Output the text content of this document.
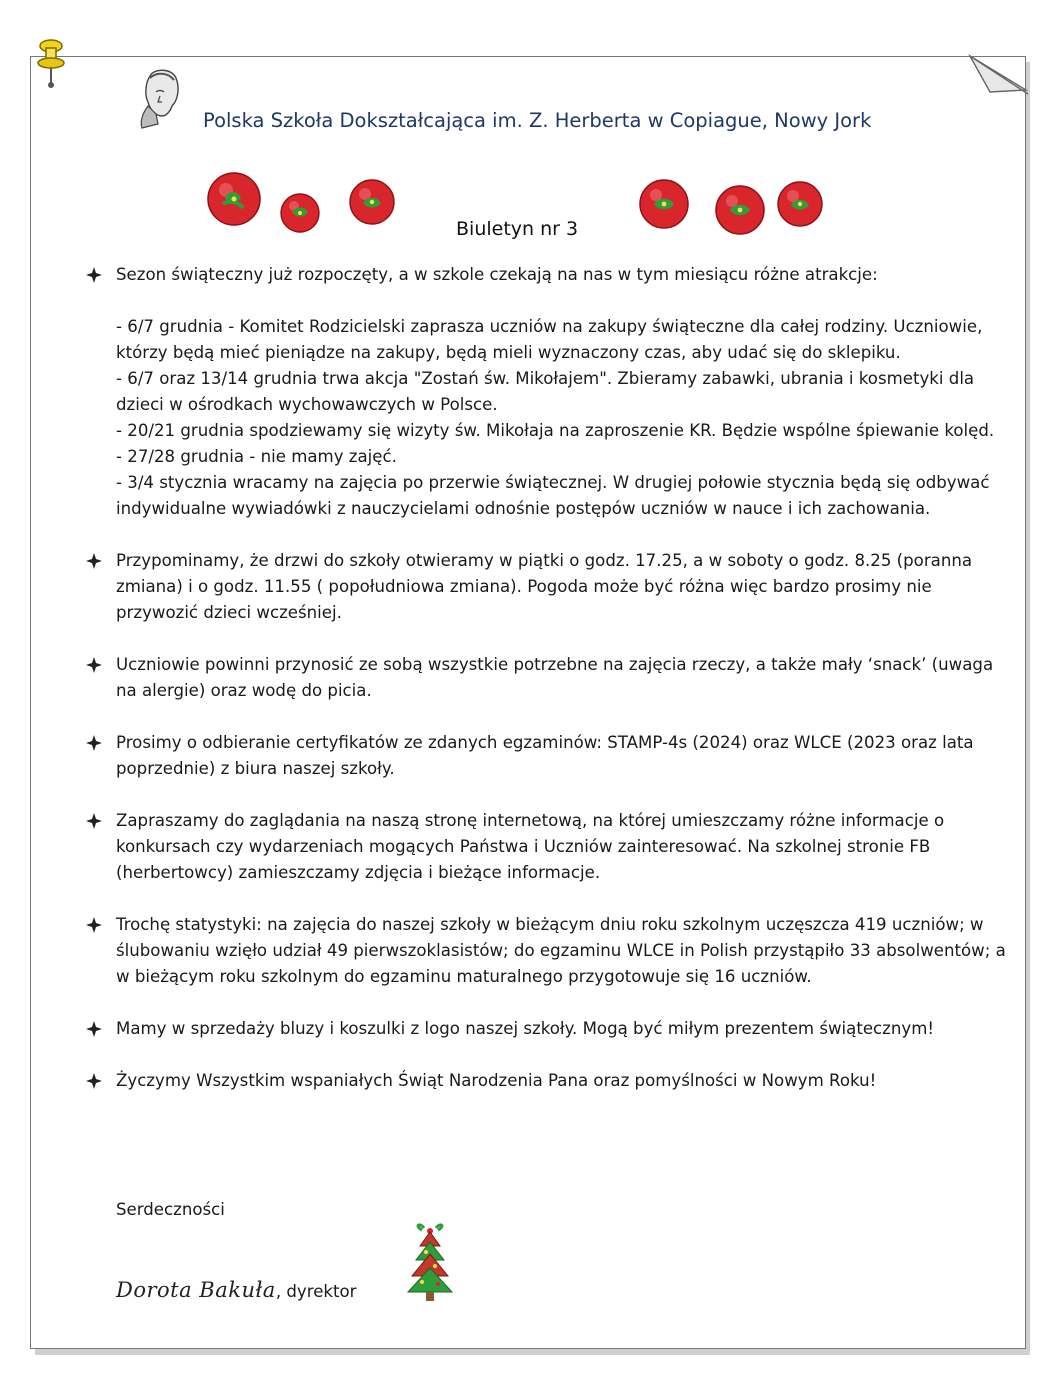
Polska Szkoła Dokształcająca im. Z. Herberta w Copiague, Nowy Jork
Biuletyn nr 3
Sezon świąteczny już rozpoczęty, a w szkole czekają na nas w tym miesiącu różne atrakcje:
- 6/7 grudnia - Komitet Rodzicielski zaprasza uczniów na zakupy świąteczne dla całej rodziny. Uczniowie, którzy będą mieć pieniądze na zakupy, będą mieli wyznaczony czas, aby udać się do sklepiku.
- 6/7 oraz 13/14 grudnia trwa akcja "Zostań św. Mikołajem". Zbieramy zabawki, ubrania i kosmetyki dla dzieci w ośrodkach wychowawczych w Polsce.
- 20/21 grudnia spodziewamy się wizyty św. Mikołaja na zaproszenie KR. Będzie wspólne śpiewanie kolęd.
- 27/28 grudnia - nie mamy zajęć.
- 3/4 stycznia wracamy na zajęcia po przerwie świątecznej. W drugiej połowie stycznia będą się odbywać indywidualne wywiadówki z nauczycielami odnośnie postępów uczniów w nauce i ich zachowania.
Przypominamy, że drzwi do szkoły otwieramy w piątki o godz. 17.25, a w soboty o godz. 8.25 (poranna zmiana) i o godz. 11.55 ( popołudniowa zmiana). Pogoda może być różna więc bardzo prosimy nie przywozić dzieci wcześniej.
Uczniowie powinni przynosić ze sobą wszystkie potrzebne na zajęcia rzeczy, a także mały ‘snack’ (uwaga na alergie) oraz wodę do picia.
Prosimy o odbieranie certyfikatów ze zdanych egzaminów: STAMP-4s (2024) oraz WLCE (2023 oraz lata poprzednie) z biura naszej szkoły.
Zapraszamy do zaglądania na naszą stronę internetową, na której umieszczamy różne informacje o konkursach czy wydarzeniach mogących Państwa i Uczniów zainteresować. Na szkolnej stronie FB (herbertowcy) zamieszczamy zdjęcia i bieżące informacje.
Trochę statystyki: na zajęcia do naszej szkoły w bieżącym dniu roku szkolnym uczęszcza 419 uczniów; w ślubowaniu wzięło udział 49 pierwszoklasistów; do egzaminu WLCE in Polish przystąpiło 33 absolwentów; a w bieżącym roku szkolnym do egzaminu maturalnego przygotowuje się 16 uczniów.
Mamy w sprzedaży bluzy i koszulki z logo naszej szkoły. Mogą być miłym prezentem świątecznym!
Życzymy Wszystkim wspaniałych Świąt Narodzenia Pana oraz pomyślności w Nowym Roku!
Serdeczności
Dorota Bakuła, dyrektor
